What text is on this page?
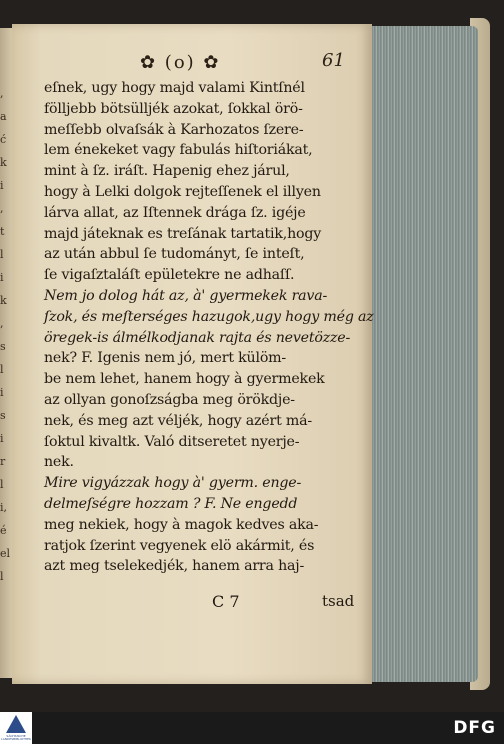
,
a
ć
k
i
,
t
l
i
k
,
s
l
i
s
i
r
l
i,
é
el
l
✿ (o) ✿	61
eſnek, ugy hogy majd valami Kintſnél
fölljebb bötsülljék azokat, ſokkal örö-
meſſebb olvaſsák à Karhozatos ſzere-
lem énekeket vagy fabulás hiſtoriákat,
mint à ſz. iráſt. Hapenig ehez járul,
hogy à Lelki dolgok rejteſſenek el illyen
lárva allat, az Iſtennek drága ſz. igéje
majd játeknak es treſának tartatik,hogy
az után abbul ſe tudományt, ſe inteſt,
ſe vigaſztaláſt epületekre ne adhaſſ.
Nem jo dolog hát az, à' gyermekek rava-
ſzok, és meſterséges hazugok,ugy hogy még az
öregek-is álmélkodjanak rajta és nevetözze-
nek? F. Igenis nem jó, mert külöm-
be nem lehet, hanem hogy à gyermekek
az ollyan gonoſzságba meg örökdje-
nek, és meg azt véljék, hogy azért má-
ſoktul kivaltk. Való ditseretet nyerje-
nek.
Mire vigyázzak hogy à' gyerm. enge-
delmeſségre hozzam ? F. Ne engedd
meg nekiek, hogy à magok kedves aka-
ratjok ſzerint vegyenek elö akármit, és
azt meg tselekedjék, hanem arra haj-
C 7	tsad
SÄCHSISCHE LANDESBIBLIOTHEK
DFG
